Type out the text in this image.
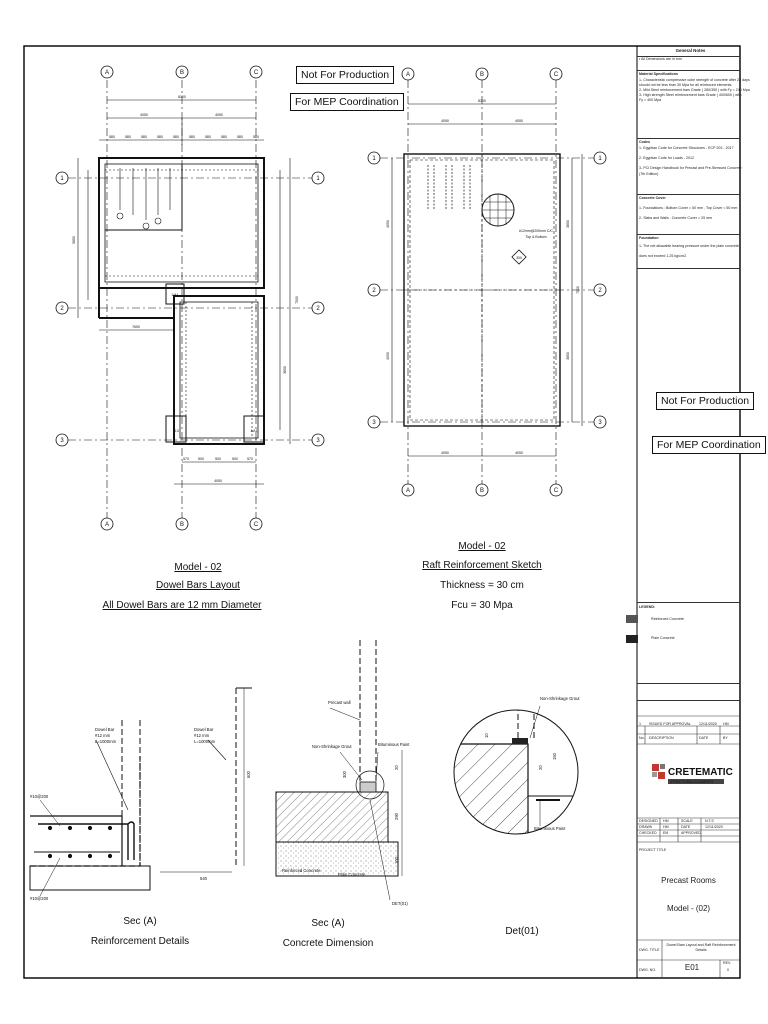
A	B	C
A	B	C
1
2
3
1
2
3
8100
4050	4050
580	580	580	580	580	580	580	580	580	580
4050
570	500	500	500	570
113	1/A1
1/A1
5850
7500
3850
7650
Model - 02
Dowel Bars Layout
All Dowel Bars are 12 mm Diameter
A	B	C
A	B	C
1
2
3
1
2
3
8100
4050	4050
4050	4050
4050
4050
3850
7500
3850
#12mm@200mm C/C
Top & Bottom
300
Model - 02
Raft Reinforcement Sketch
Thickness = 30 cm
Fcu = 30 Mpa
Dowel Bar
#12 mm
L=1000mm
Dowel Bar
#12 mm
L=1000mm
#10@200
#10@200
600
540
Sec (A)
Reinforcement Details
Precast wall
Non-Shrinkage Grout	Bituminous Paint
Reinforced Concrete
Plain Concrete
DET(01)
300
20
290
100
Sec (A)
Concrete Dimension
Non-Shrinkage Grout
Bituminous Paint
10
20
150
Det(01)
CRETEMATIC
STRUCTURAL ELEMENTS
Not For Production
For MEP Coordination
Not For Production
For MEP Coordination
General Notes
• All Dimensions are in mm
Material Specifications
1- Characteristic compressive cube strength of concrete after 28 days
should not be less than 30 Mpa for all reinforced elements.
2- Mild Steel reinforcement bars Grade ( 280/350 ) with Fy = 240 Mpa
3- High strength Steel reinforcement bars Grade ( 400/600 ) with
Fy = 400 Mpa
Codes
1- Egyptian Code for Concrete Structures - ECP 203 - 2017
2- Egyptian Code for Loads - 2012
3- PCI Design Handbook for Precast and Pre-Stressed Concrete
(7th Edition)
Concrete Cover
1- Foundations : Bottom Cover = 50 mm , Top Cover = 50 mm
2- Slabs and Walls : Concrete Cover = 25 mm
Foundation
1- The net allowable bearing pressure under the plain concrete
does not exceed 1.25 kg/cm2.
LEGEND:
Reinforced Concrete
Plain Concrete
1 ISSUED FOR APPROVAL 12/11/2020 HM
No. DESCRIPTION	DATE	BY
DESIGNED HM	SCALE	N.T.S
DRAWN	HM	DATE	12/11/2020
CHECKED EM	APPROVED
PROJECT TITLE
Precast Rooms
Model - (02)
DWG. TITLE
Dowel Bars Layout and Raft Reinforcement Details
DWG. NO.	E01	REV.
0
